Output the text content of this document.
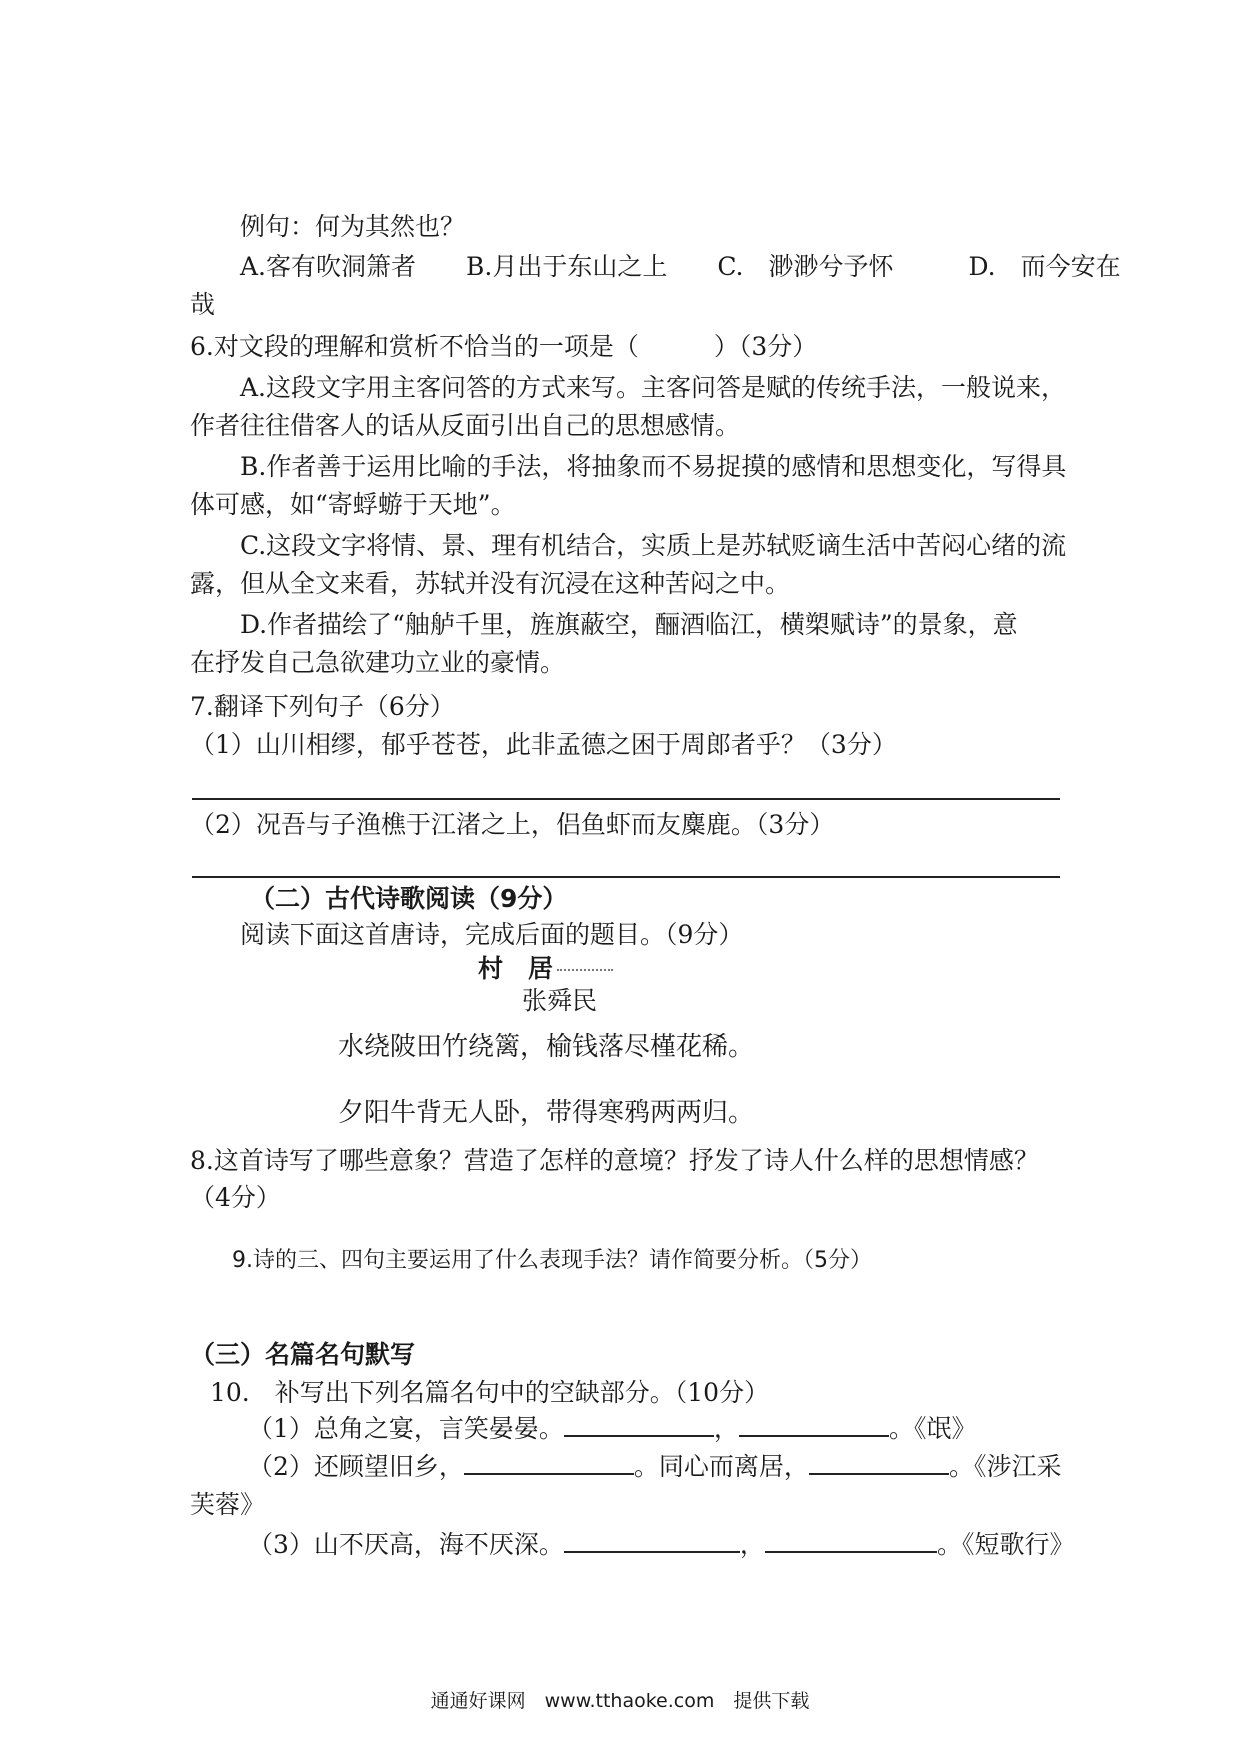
例句：何为其然也？
A.客有吹洞箫者　　B.月出于东山之上　　C.　渺渺兮予怀　　　D.　而今安在
哉
6.对文段的理解和赏析不恰当的一项是（　　　）（3分）
A.这段文字用主客问答的方式来写。主客问答是赋的传统手法，一般说来，
作者往往借客人的话从反面引出自己的思想感情。
B.作者善于运用比喻的手法，将抽象而不易捉摸的感情和思想变化，写得具
体可感，如“寄蜉蝣于天地”。
C.这段文字将情、景、理有机结合，实质上是苏轼贬谪生活中苦闷心绪的流
露，但从全文来看，苏轼并没有沉浸在这种苦闷之中。
D.作者描绘了“舳舻千里，旌旗蔽空，酾酒临江，横槊赋诗”的景象，意
在抒发自己急欲建功立业的豪情。
7.翻译下列句子（6分）
（1）山川相缪，郁乎苍苍，此非孟德之困于周郎者乎？（3分）
（2）况吾与子渔樵于江渚之上，侣鱼虾而友麋鹿。（3分）
（二）古代诗歌阅读（9分）
阅读下面这首唐诗，完成后面的题目。（9分）
村　居
张舜民
水绕陂田竹绕篱，榆钱落尽槿花稀。
夕阳牛背无人卧，带得寒鸦两两归。
8.这首诗写了哪些意象？营造了怎样的意境？抒发了诗人什么样的思想情感？
（4分）
9.诗的三、四句主要运用了什么表现手法？请作简要分析。（5分）
（三）名篇名句默写
10.　补写出下列名篇名句中的空缺部分。（10分）
（1）总角之宴，言笑晏晏。	，	。《氓》
（2）还顾望旧乡，	。同心而离居，	。《涉江采
芙蓉》
（3）山不厌高，海不厌深。	，	。《短歌行》
通通好课网　www.tthaoke.com　提供下载
